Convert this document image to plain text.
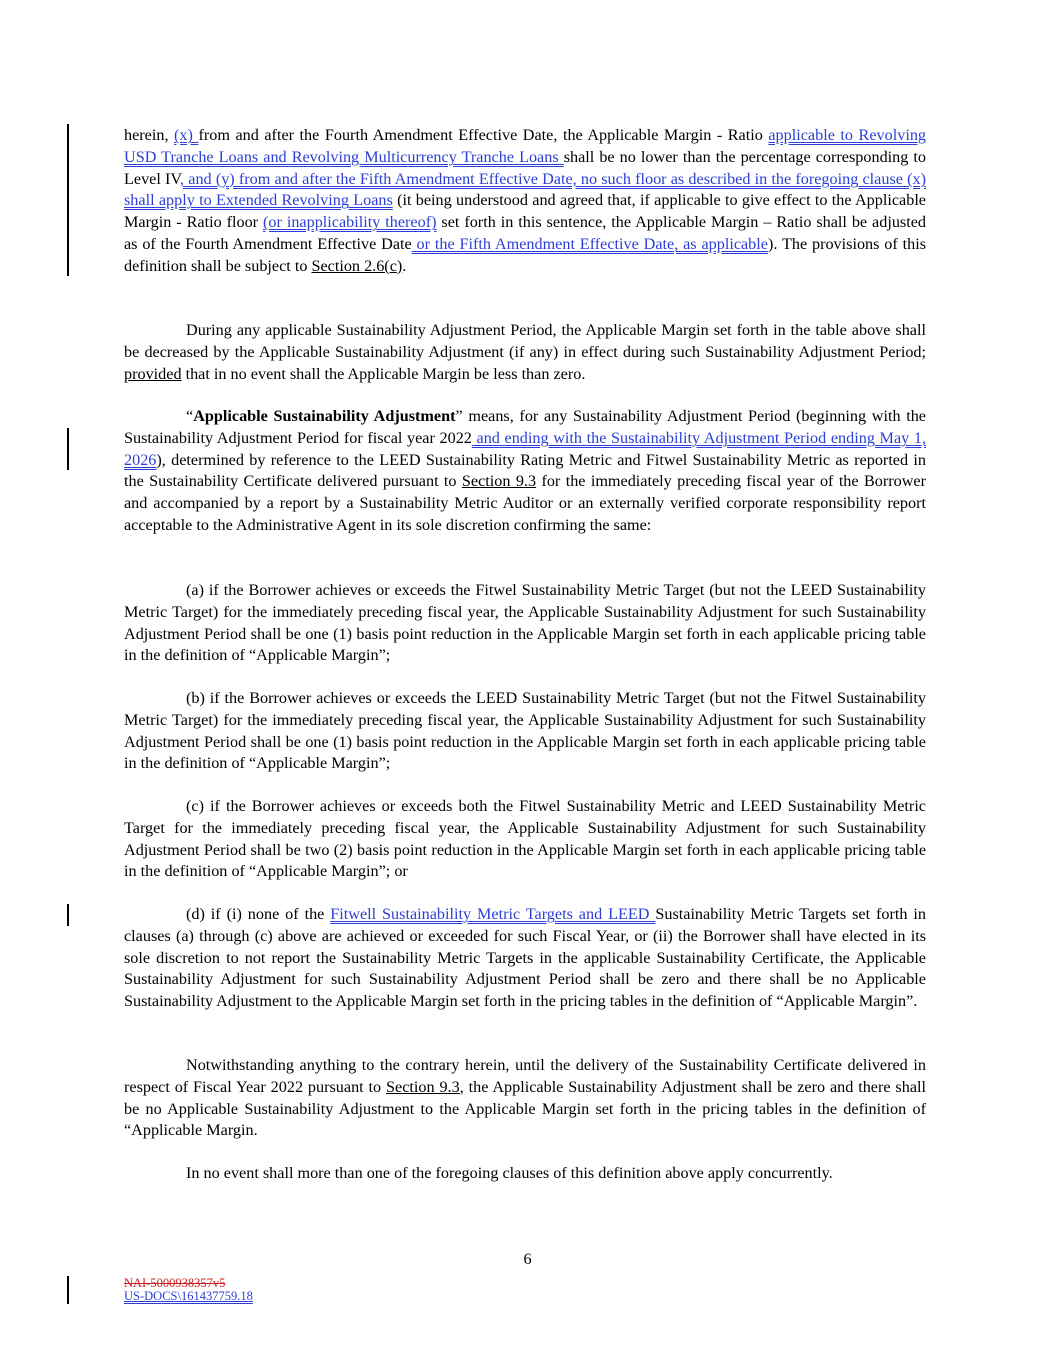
herein, (x) from and after the Fourth Amendment Effective Date, the Applicable Margin - Ratio applicable to Revolving USD Tranche Loans and Revolving Multicurrency Tranche Loans shall be no lower than the percentage corresponding to Level IV, and (y) from and after the Fifth Amendment Effective Date, no such floor as described in the foregoing clause (x) shall apply to Extended Revolving Loans (it being understood and agreed that, if applicable to give effect to the Applicable Margin - Ratio floor (or inapplicability thereof) set forth in this sentence, the Applicable Margin – Ratio shall be adjusted as of the Fourth Amendment Effective Date or the Fifth Amendment Effective Date, as applicable). The provisions of this definition shall be subject to Section 2.6(c).

During any applicable Sustainability Adjustment Period, the Applicable Margin set forth in the table above shall be decreased by the Applicable Sustainability Adjustment (if any) in effect during such Sustainability Adjustment Period; provided that in no event shall the Applicable Margin be less than zero.

“Applicable Sustainability Adjustment” means, for any Sustainability Adjustment Period (beginning with the Sustainability Adjustment Period for fiscal year 2022 and ending with the Sustainability Adjustment Period ending May 1, 2026), determined by reference to the LEED Sustainability Rating Metric and Fitwel Sustainability Metric as reported in the Sustainability Certificate delivered pursuant to Section 9.3 for the immediately preceding fiscal year of the Borrower and accompanied by a report by a Sustainability Metric Auditor or an externally verified corporate responsibility report acceptable to the Administrative Agent in its sole discretion confirming the same:

(a) if the Borrower achieves or exceeds the Fitwel Sustainability Metric Target (but not the LEED Sustainability Metric Target) for the immediately preceding fiscal year, the Applicable Sustainability Adjustment for such Sustainability Adjustment Period shall be one (1) basis point reduction in the Applicable Margin set forth in each applicable pricing table in the definition of “Applicable Margin”;

(b) if the Borrower achieves or exceeds the LEED Sustainability Metric Target (but not the Fitwel Sustainability Metric Target) for the immediately preceding fiscal year, the Applicable Sustainability Adjustment for such Sustainability Adjustment Period shall be one (1) basis point reduction in the Applicable Margin set forth in each applicable pricing table in the definition of “Applicable Margin”;

(c) if the Borrower achieves or exceeds both the Fitwel Sustainability Metric and LEED Sustainability Metric Target for the immediately preceding fiscal year, the Applicable Sustainability Adjustment for such Sustainability Adjustment Period shall be two (2) basis point reduction in the Applicable Margin set forth in each applicable pricing table in the definition of “Applicable Margin”; or

(d) if (i) none of the Fitwell Sustainability Metric Targets and LEED Sustainability Metric Targets set forth in clauses (a) through (c) above are achieved or exceeded for such Fiscal Year, or (ii) the Borrower shall have elected in its sole discretion to not report the Sustainability Metric Targets in the applicable Sustainability Certificate, the Applicable Sustainability Adjustment for such Sustainability Adjustment Period shall be zero and there shall be no Applicable Sustainability Adjustment to the Applicable Margin set forth in the pricing tables in the definition of “Applicable Margin”.

Notwithstanding anything to the contrary herein, until the delivery of the Sustainability Certificate delivered in respect of Fiscal Year 2022 pursuant to Section 9.3, the Applicable Sustainability Adjustment shall be zero and there shall be no Applicable Sustainability Adjustment to the Applicable Margin set forth in the pricing tables in the definition of “Applicable Margin.

In no event shall more than one of the foregoing clauses of this definition above apply concurrently.

6
NAI-5000938357v5
US-DOCS\161437759.18
